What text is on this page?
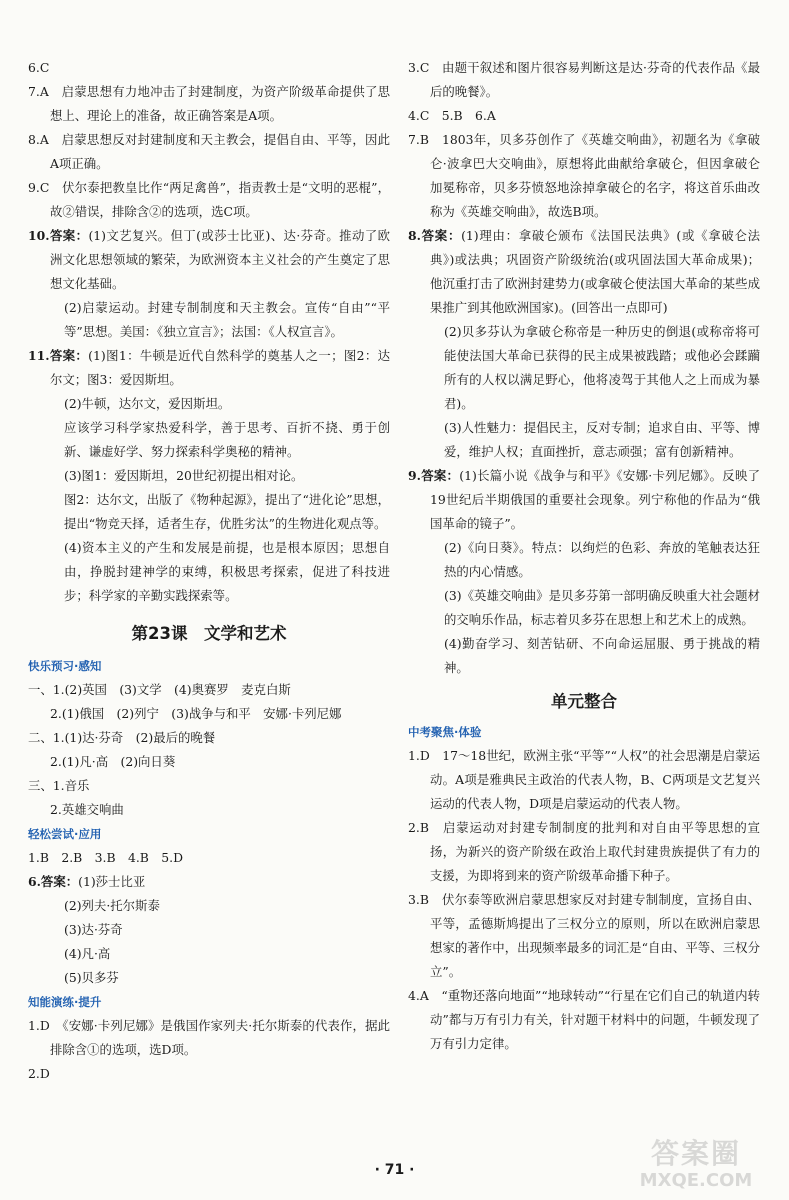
6.C

7.A　启蒙思想有力地冲击了封建制度，为资产阶级革命提供了思想上、理论上的准备，故正确答案是A项。

8.A　启蒙思想反对封建制度和天主教会，提倡自由、平等，因此A项正确。

9.C　伏尔泰把教皇比作“两足禽兽”，指责教士是“文明的恶棍”，故②错误，排除含②的选项，选C项。

10.答案：(1)文艺复兴。但丁(或莎士比亚)、达·芬奇。推动了欧洲文化思想领域的繁荣，为欧洲资本主义社会的产生奠定了思想文化基础。

(2)启蒙运动。封建专制制度和天主教会。宣传“自由”“平等”思想。美国：《独立宣言》；法国：《人权宣言》。

11.答案：(1)图1：牛顿是近代自然科学的奠基人之一；图2：达尔文；图3：爱因斯坦。

(2)牛顿，达尔文，爱因斯坦。

应该学习科学家热爱科学，善于思考、百折不挠、勇于创新、谦虚好学、努力探索科学奥秘的精神。

(3)图1：爱因斯坦，20世纪初提出相对论。

图2：达尔文，出版了《物种起源》，提出了“进化论”思想，提出“物竞天择，适者生存，优胜劣汰”的生物进化观点等。

(4)资本主义的产生和发展是前提，也是根本原因；思想自由，挣脱封建神学的束缚，积极思考探索，促进了科技进步；科学家的辛勤实践探索等。

第23课　文学和艺术
快乐预习·感知

一、1.(2)英国　(3)文学　(4)奥赛罗　麦克白斯

2.(1)俄国　(2)列宁　(3)战争与和平　安娜·卡列尼娜

二、1.(1)达·芬奇　(2)最后的晚餐

2.(1)凡·高　(2)向日葵

三、1.音乐

2.英雄交响曲

轻松尝试·应用

1.B　2.B　3.B　4.B　5.D

6.答案：(1)莎士比亚

(2)列夫·托尔斯泰

(3)达·芬奇

(4)凡·高

(5)贝多芬

知能演练·提升

1.D　《安娜·卡列尼娜》是俄国作家列夫·托尔斯泰的代表作，据此排除含①的选项，选D项。

2.D

3.C　由题干叙述和图片很容易判断这是达·芬奇的代表作品《最后的晚餐》。

4.C　5.B　6.A

7.B　1803年，贝多芬创作了《英雄交响曲》，初题名为《拿破仑·波拿巴大交响曲》，原想将此曲献给拿破仑，但因拿破仑加冕称帝，贝多芬愤怒地涂掉拿破仑的名字，将这首乐曲改称为《英雄交响曲》，故选B项。

8.答案：(1)理由：拿破仑颁布《法国民法典》(或《拿破仑法典》)或法典；巩固资产阶级统治(或巩固法国大革命成果)；他沉重打击了欧洲封建势力(或拿破仑使法国大革命的某些成果推广到其他欧洲国家)。(回答出一点即可)

(2)贝多芬认为拿破仑称帝是一种历史的倒退(或称帝将可能使法国大革命已获得的民主成果被践踏；或他必会蹂躏所有的人权以满足野心，他将凌驾于其他人之上而成为暴君)。

(3)人性魅力：提倡民主，反对专制；追求自由、平等、博爱，维护人权；直面挫折，意志顽强；富有创新精神。

9.答案：(1)长篇小说《战争与和平》《安娜·卡列尼娜》。反映了19世纪后半期俄国的重要社会现象。列宁称他的作品为“俄国革命的镜子”。

(2)《向日葵》。特点：以绚烂的色彩、奔放的笔触表达狂热的内心情感。

(3)《英雄交响曲》是贝多芬第一部明确反映重大社会题材的交响乐作品，标志着贝多芬在思想上和艺术上的成熟。

(4)勤奋学习、刻苦钻研、不向命运屈服、勇于挑战的精神。

单元整合
中考聚焦·体验

1.D　17～18世纪，欧洲主张“平等”“人权”的社会思潮是启蒙运动。A项是雅典民主政治的代表人物，B、C两项是文艺复兴运动的代表人物，D项是启蒙运动的代表人物。

2.B　启蒙运动对封建专制制度的批判和对自由平等思想的宣扬，为新兴的资产阶级在政治上取代封建贵族提供了有力的支援，为即将到来的资产阶级革命播下种子。

3.B　伏尔泰等欧洲启蒙思想家反对封建专制制度，宣扬自由、平等，孟德斯鸠提出了三权分立的原则，所以在欧洲启蒙思想家的著作中，出现频率最多的词汇是“自由、平等、三权分立”。

4.A　“重物还落向地面”“地球转动”“行星在它们自己的轨道内转动”都与万有引力有关，针对题干材料中的问题，牛顿发现了万有引力定律。

· 71 ·	答案圈
MXQE.COM
